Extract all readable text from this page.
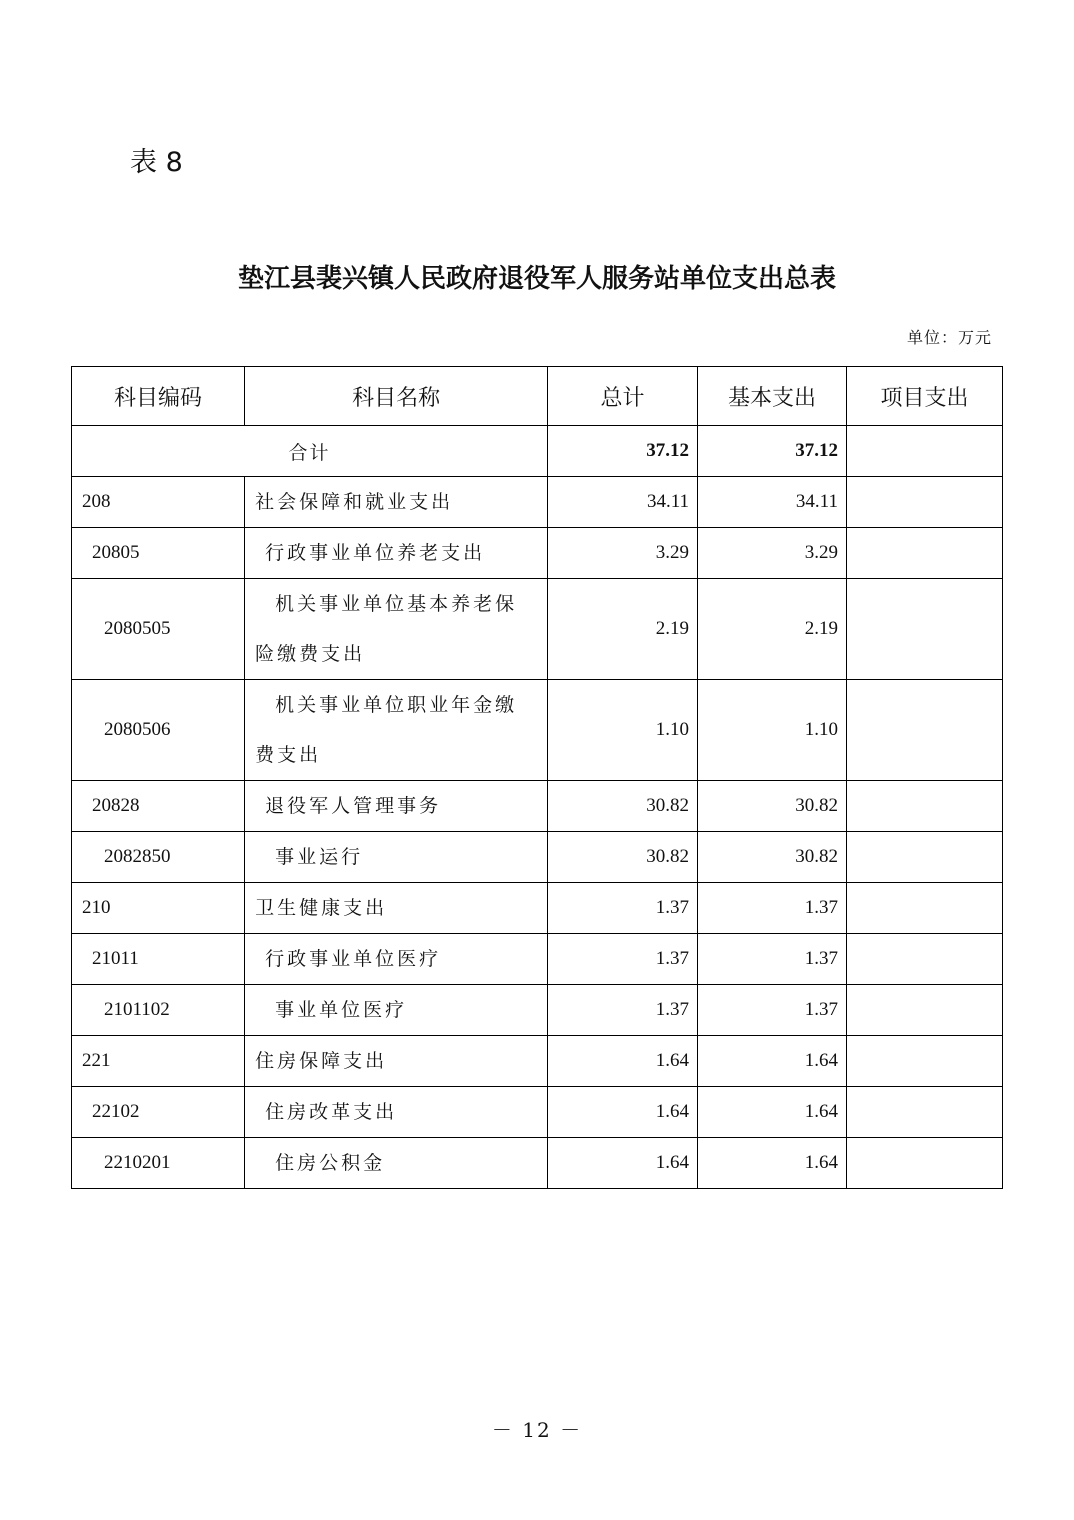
表 8
垫江县裴兴镇人民政府退役军人服务站单位支出总表
单位：万元
科目编码	科目名称	总计	基本支出	项目支出
合计		37.12	37.12	
208	社会保障和就业支出	34.11	34.11	
20805	行政事业单位养老支出	3.29	3.29	
2080505	机关事业单位基本养老保险缴费支出	2.19	2.19	
2080506	机关事业单位职业年金缴费支出	1.10	1.10	
20828	退役军人管理事务	30.82	30.82	
2082850	事业运行	30.82	30.82	
210	卫生健康支出	1.37	1.37	
21011	行政事业单位医疗	1.37	1.37	
2101102	事业单位医疗	1.37	1.37	
221	住房保障支出	1.64	1.64	
22102	住房改革支出	1.64	1.64	
2210201	住房公积金	1.64	1.64	
－ 12 －
